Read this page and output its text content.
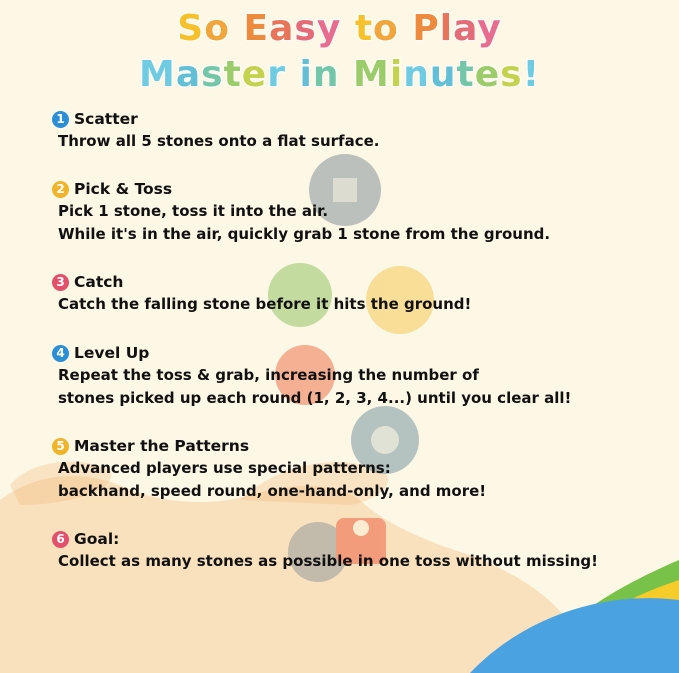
So Easy to Play
Master in Minutes!
1 Scatter
Throw all 5 stones onto a flat surface.
2 Pick & Toss
Pick 1 stone, toss it into the air.
While it's in the air, quickly grab 1 stone from the ground.
3 Catch
Catch the falling stone before it hits the ground!
4 Level Up
Repeat the toss & grab, increasing the number of
stones picked up each round (1, 2, 3, 4...) until you clear all!
5 Master the Patterns
Advanced players use special patterns:
backhand, speed round, one-hand-only, and more!
6 Goal:
Collect as many stones as possible in one toss without missing!
